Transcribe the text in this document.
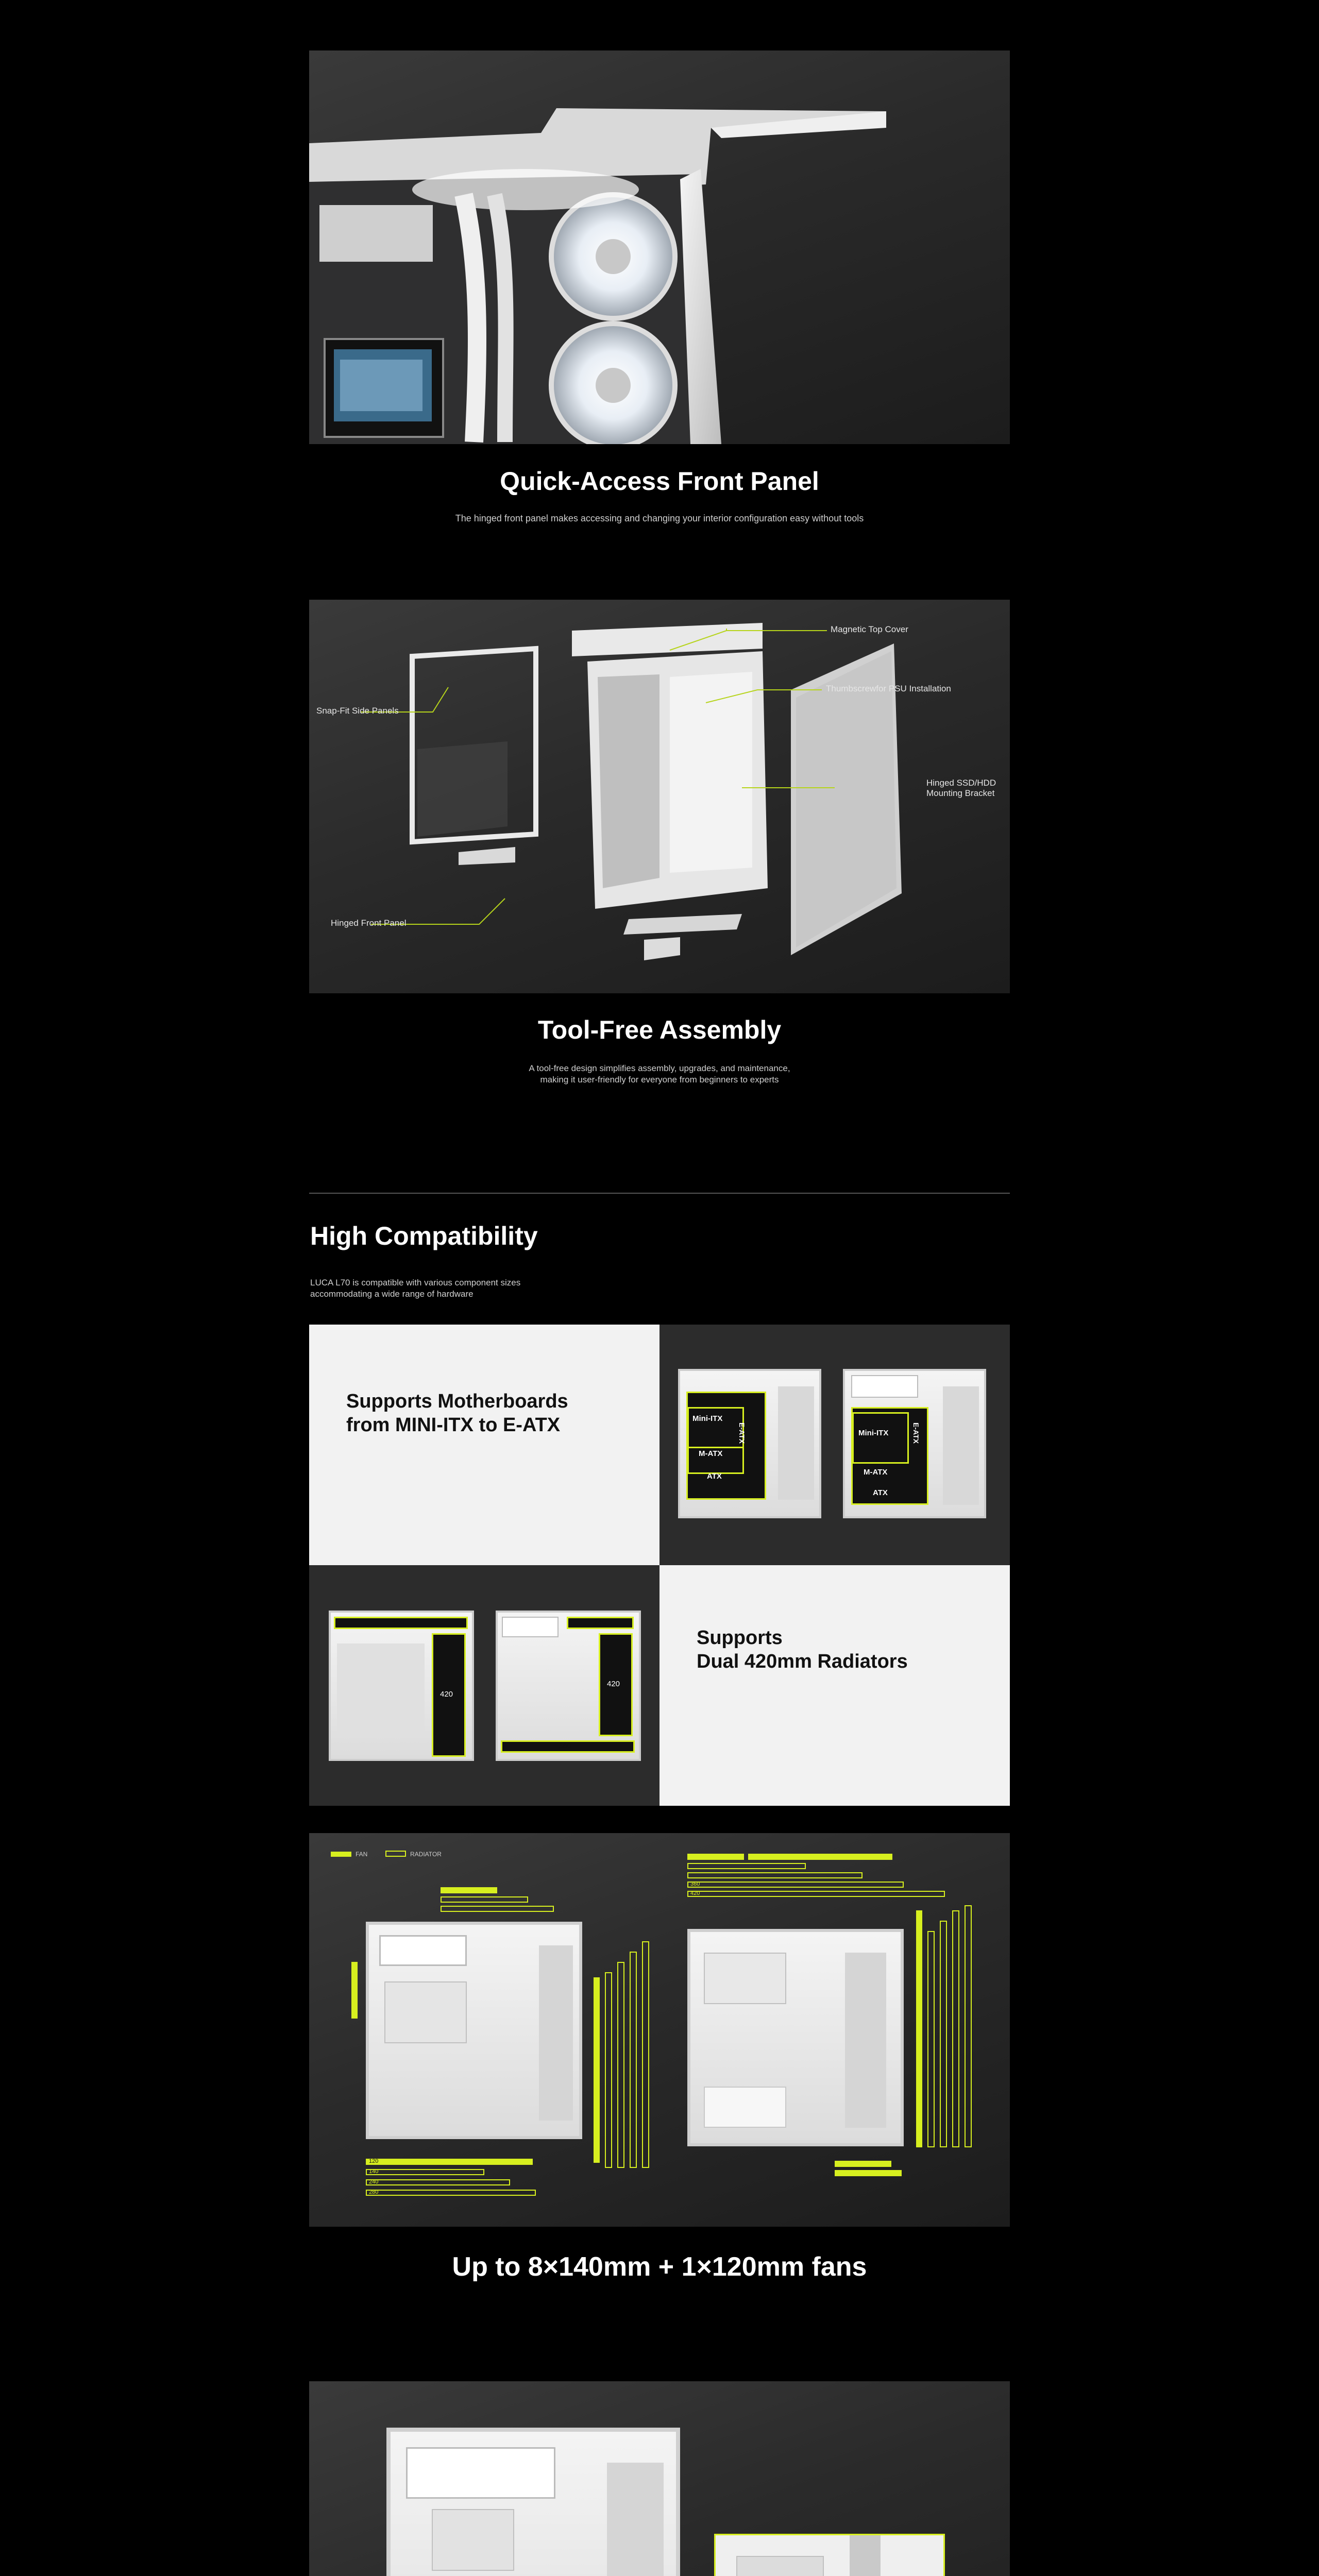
Quick-Access Front Panel
The hinged front panel makes accessing and changing your interior configuration easy without tools
Magnetic Top Cover
Thumbscrewfor PSU Installation
Snap-Fit Side Panels
Hinged SSD/HDD
Mounting Bracket
Hinged Front Panel
Tool-Free Assembly
A tool-free design simplifies assembly, upgrades, and maintenance,
making it user-friendly for everyone from beginners to experts
High Compatibility
LUCA L70 is compatible with various component sizes
accommodating a wide range of hardware
Supports Motherboards
from MINI-ITX to E-ATX	Mini-ITX
M-ATX
ATX
E-ATX	Mini-ITX
M-ATX
ATX
E-ATX
420
420
240
420
360
Supports
Dual 420mm Radiators
FAN	RADIATOR
120
140
240
280
360
420
Up to 8×140mm + 1×120mm fans
